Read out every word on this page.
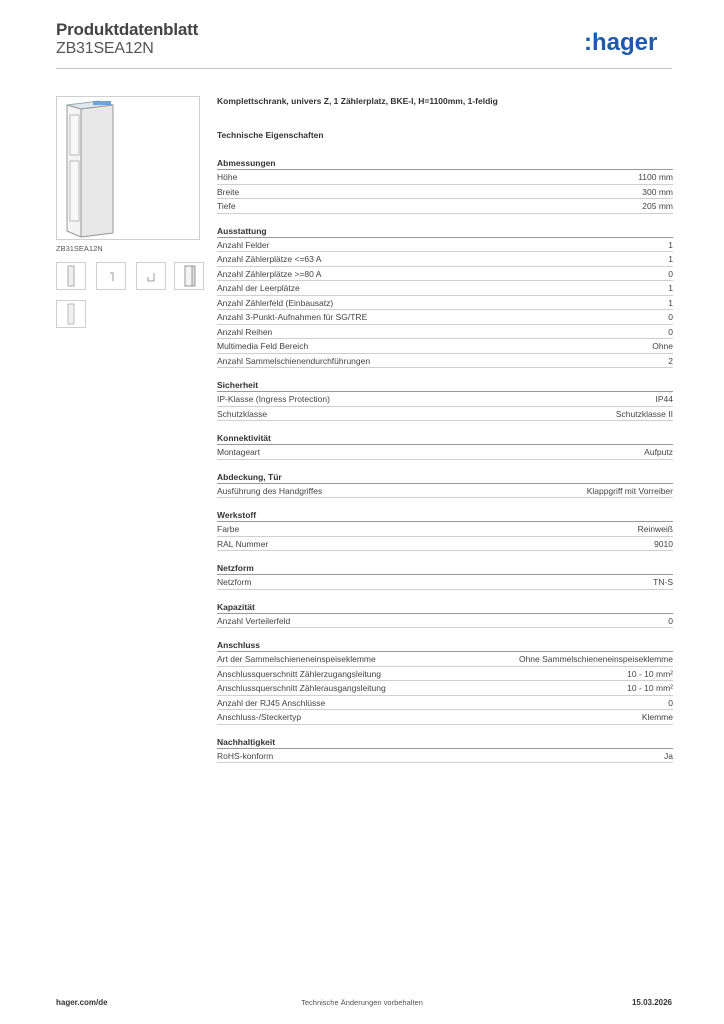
Produktdatenblatt
ZB31SEA12N	:hager
ZB31SEA12N
Komplettschrank, univers Z, 1 Zählerplatz, BKE-I, H=1100mm, 1-feldig
Technische Eigenschaften
Abmessungen
Höhe	1100 mm
Breite	300 mm
Tiefe	205 mm
Ausstattung
Anzahl Felder	1
Anzahl Zählerplätze <=63 A	1
Anzahl Zählerplätze >=80 A	0
Anzahl der Leerplätze	1
Anzahl Zählerfeld (Einbausatz)	1
Anzahl 3-Punkt-Aufnahmen für SG/TRE	0
Anzahl Reihen	0
Multimedia Feld Bereich	Ohne
Anzahl Sammelschienendurchführungen	2
Sicherheit
IP-Klasse (Ingress Protection)	IP44
Schutzklasse	Schutzklasse II
Konnektivität
Montageart	Aufputz
Abdeckung, Tür
Ausführung des Handgriffes	Klappgriff mit Vorreiber
Werkstoff
Farbe	Reinweiß
RAL Nummer	9010
Netzform
Netzform	TN-S
Kapazität
Anzahl Verteilerfeld	0
Anschluss
Art der Sammelschieneneinspeiseklemme	Ohne Sammelschieneneinspeiseklemme
Anschlussquerschnitt Zählerzugangsleitung	10 - 10 mm²
Anschlussquerschnitt Zählerausgangsleitung	10 - 10 mm²
Anzahl der RJ45 Anschlüsse	0
Anschluss-/Steckertyp	Klemme
Nachhaltigkeit
RoHS-konform	Ja
hager.com/de	Technische Änderungen vorbehalten	15.03.2026
